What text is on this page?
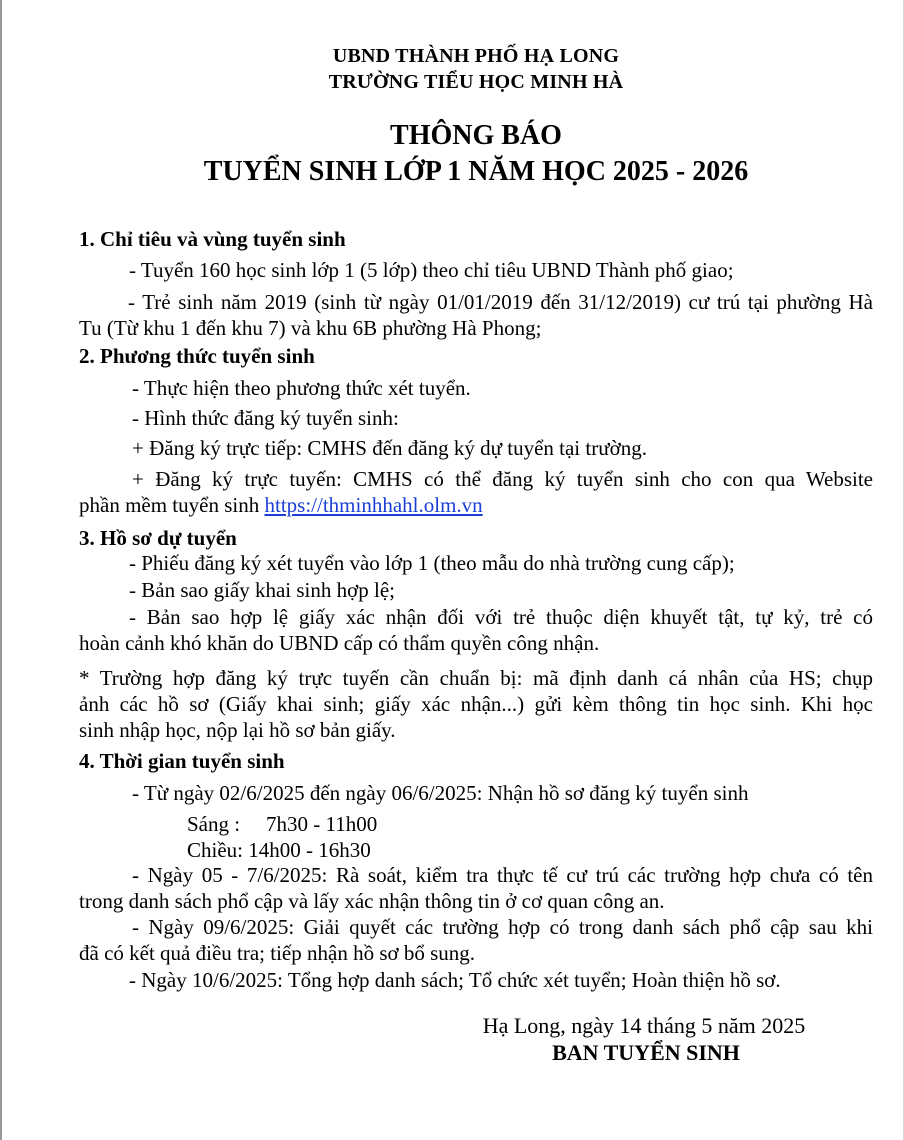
UBND THÀNH PHỐ HẠ LONG
TRƯỜNG TIỂU HỌC MINH HÀ
THÔNG BÁO
TUYỂN SINH LỚP 1 NĂM HỌC 2025 - 2026
1. Chỉ tiêu và vùng tuyển sinh
- Tuyển 160 học sinh lớp 1 (5 lớp) theo chỉ tiêu UBND Thành phố giao;
- Trẻ sinh năm 2019 (sinh từ ngày 01/01/2019 đến 31/12/2019) cư trú tại phường Hà
Tu (Từ khu 1 đến khu 7) và khu 6B phường Hà Phong;
2. Phương thức tuyển sinh
- Thực hiện theo phương thức xét tuyển.
- Hình thức đăng ký tuyển sinh:
+ Đăng ký trực tiếp: CMHS đến đăng ký dự tuyển tại trường.
+ Đăng ký trực tuyến: CMHS có thể đăng ký tuyển sinh cho con qua Website
phần mềm tuyển sinh https://thminhhahl.olm.vn
3. Hồ sơ dự tuyển
- Phiếu đăng ký xét tuyển vào lớp 1 (theo mẫu do nhà trường cung cấp);
- Bản sao giấy khai sinh hợp lệ;
- Bản sao hợp lệ giấy xác nhận đối với trẻ thuộc diện khuyết tật, tự kỷ, trẻ có
hoàn cảnh khó khăn do UBND cấp có thẩm quyền công nhận.
* Trường hợp đăng ký trực tuyến cần chuẩn bị: mã định danh cá nhân của HS; chụp
ảnh các hồ sơ (Giấy khai sinh; giấy xác nhận...) gửi kèm thông tin học sinh. Khi học
sinh nhập học, nộp lại hồ sơ bản giấy.
4. Thời gian tuyển sinh
- Từ ngày 02/6/2025 đến ngày 06/6/2025: Nhận hồ sơ đăng ký tuyển sinh
Sáng : 7h30 - 11h00
Chiều: 14h00 - 16h30
- Ngày 05 - 7/6/2025: Rà soát, kiểm tra thực tế cư trú các trường hợp chưa có tên
trong danh sách phổ cập và lấy xác nhận thông tin ở cơ quan công an.
- Ngày 09/6/2025: Giải quyết các trường hợp có trong danh sách phổ cập sau khi
đã có kết quả điều tra; tiếp nhận hồ sơ bổ sung.
- Ngày 10/6/2025: Tổng hợp danh sách; Tổ chức xét tuyển; Hoàn thiện hồ sơ.
Hạ Long, ngày 14 tháng 5 năm 2025
BAN TUYỂN SINH
